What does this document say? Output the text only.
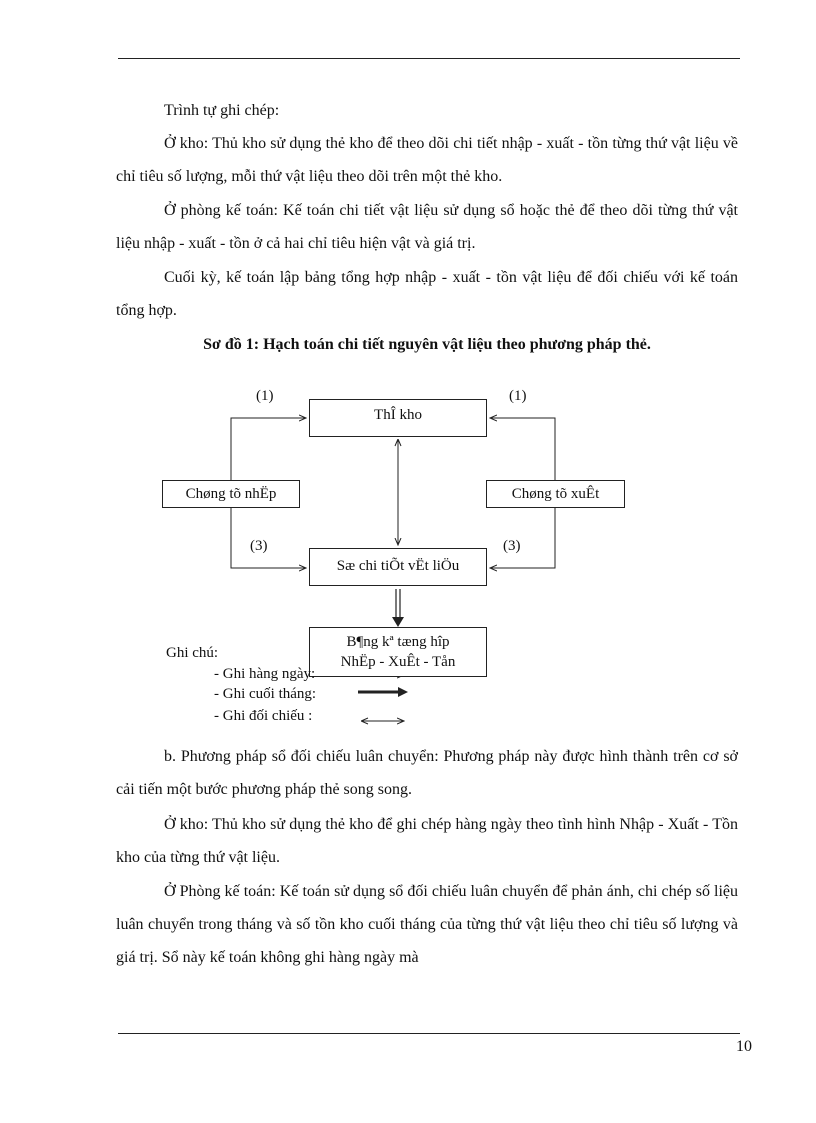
Trình tự ghi chép:
Ở kho: Thủ kho sử dụng thẻ kho để theo dõi chi tiết nhập - xuất - tồn từng thứ vật liệu về chỉ tiêu số lượng, mỗi thứ vật liệu theo dõi trên một thẻ kho.
Ở phòng kế toán: Kế toán chi tiết vật liệu sử dụng sổ hoặc thẻ để theo dõi từng thứ vật liệu nhập - xuất - tồn ở cả hai chỉ tiêu hiện vật và giá trị.
Cuối kỳ, kế toán lập bảng tổng hợp nhập - xuất - tồn vật liệu để đối chiếu với kế toán tổng hợp.
Sơ đồ 1: Hạch toán chi tiết nguyên vật liệu theo phương pháp thẻ.
ThÎ kho
Chøng tõ nhËp	Chøng tõ xuÊt
Sæ chi tiÕt vËt liÖu
B¶ng kª tæng hîp
NhËp - XuÊt - Tån
(1)	(1)
(3)	(3)
Ghi chú:
- Ghi hàng ngày:
- Ghi cuối tháng:
- Ghi đối chiếu :
b. Phương pháp sổ đối chiếu luân chuyển: Phương pháp này được hình thành trên cơ sở cải tiến một bước phương pháp thẻ song song.
Ở kho: Thủ kho sử dụng thẻ kho để ghi chép hàng ngày theo tình hình Nhập - Xuất - Tồn kho của từng thứ vật liệu.
Ở Phòng kế toán: Kế toán sử dụng sổ đối chiếu luân chuyển để phản ánh, chi chép số liệu luân chuyển trong tháng và số tồn kho cuối tháng của từng thứ vật liệu theo chỉ tiêu số lượng và giá trị. Sổ này kế toán không ghi hàng ngày mà
10
